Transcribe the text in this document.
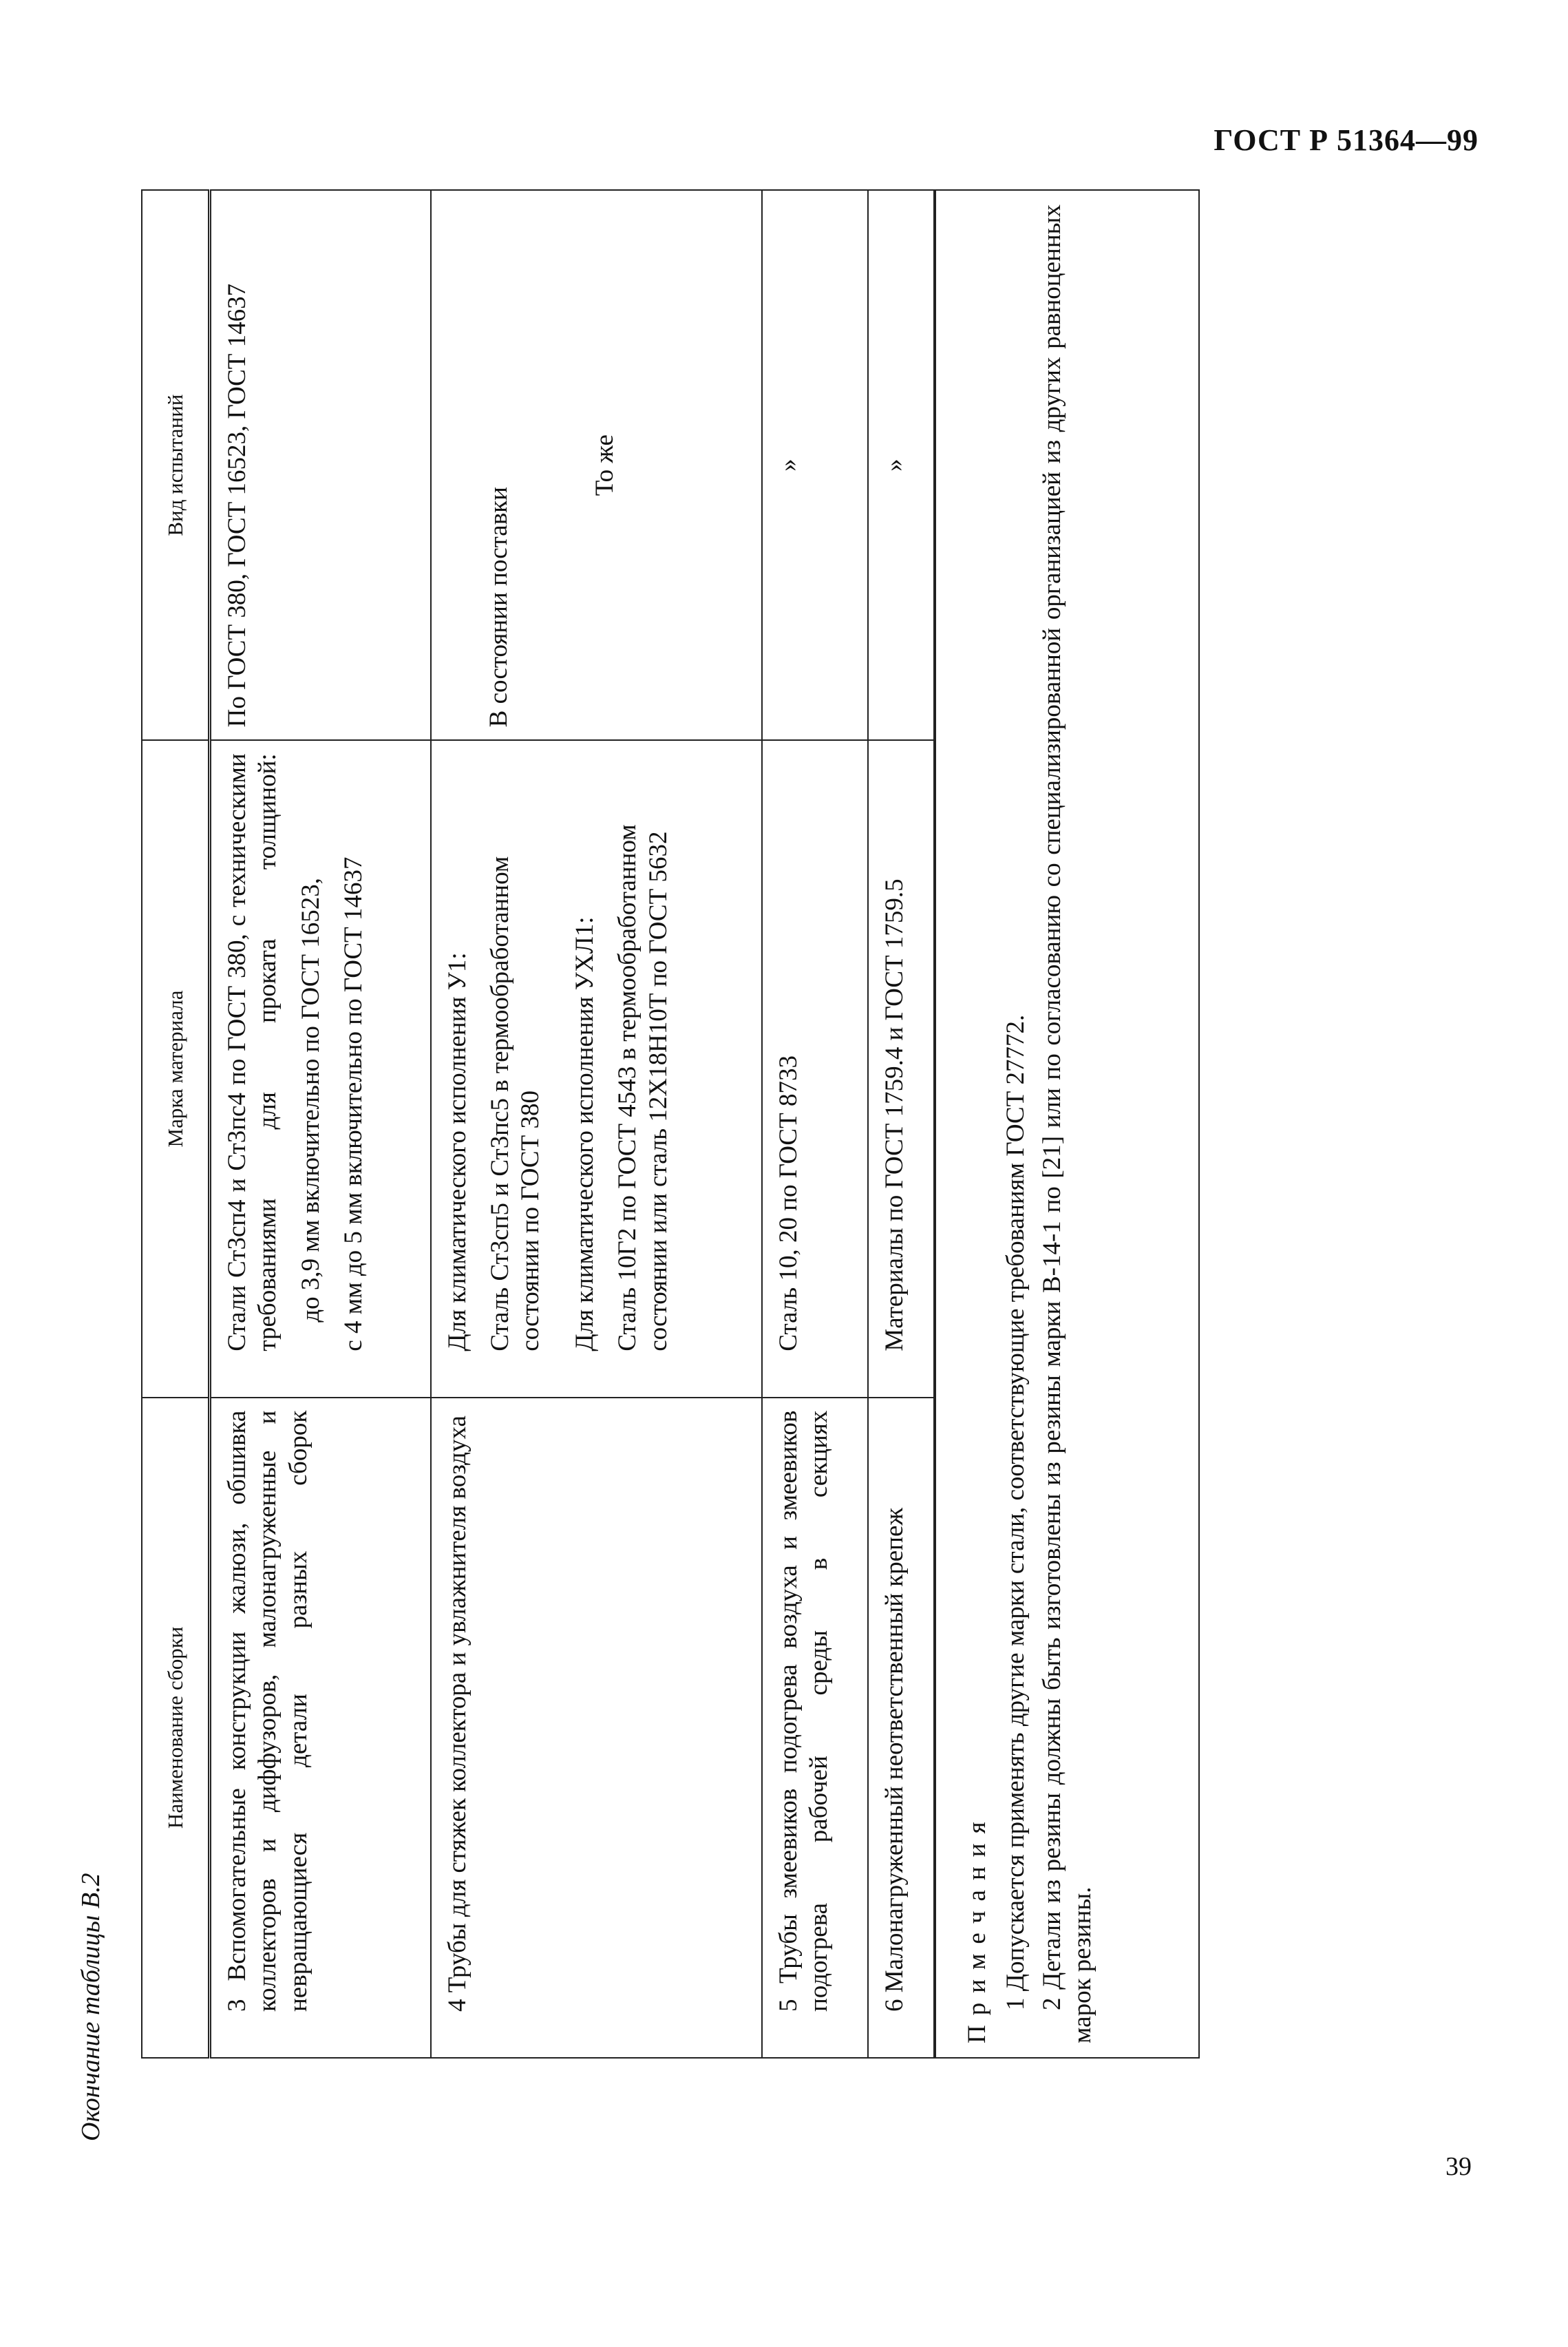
ГОСТ Р 51364—99
Окончание таблицы В.2
Наименование сборки	Марка материала	Вид испытаний

3 Вспомогательные конструкции жалюзи, обшивка коллекторов и диффузоров, малонагруженные и невращающиеся детали разных сборок	Стали Ст3сп4 и Ст3пс4 по ГОСТ 380, с техническими требованиями для проката толщиной: до 3,9 мм включительно по ГОСТ 16523, с 4 мм до 5 мм включительно по ГОСТ 14637	По ГОСТ 380, ГОСТ 16523, ГОСТ 14637

4 Трубы для стяжек коллектора и увлажнителя воздуха	Для климатического исполнения У1: Сталь Ст3сп5 и Ст3пс5 в термообработанном состоянии по ГОСТ 380 Для климатического исполнения УХЛ1: Сталь 10Г2 по ГОСТ 4543 в термообработанном состоянии или сталь 12Х18Н10Т по ГОСТ 5632	В состоянии поставки
То же

5 Трубы змеевиков подогрева воздуха и змеевиков подогрева рабочей среды в секциях	Сталь 10, 20 по ГОСТ 8733	»

6 Малонагруженный неответственный крепеж	Материалы по ГОСТ 1759.4 и ГОСТ 1759.5	»
Примечания 1 Допускается применять другие марки стали, соответствующие требованиям ГОСТ 27772. 2 Детали из резины должны быть изготовлены из резины марки В-14-1 по [21] или по согласованию со специализированной организацией из других равноценных марок резины.
39
